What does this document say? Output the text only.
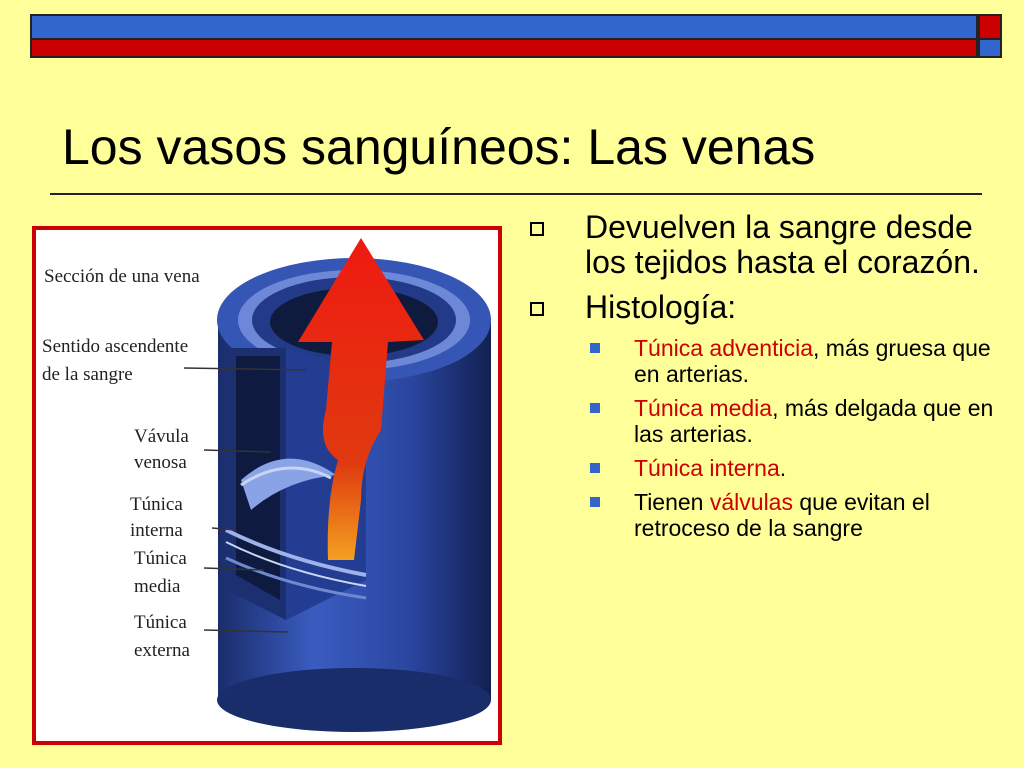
Los vasos sanguíneos: Las venas
Sección de una vena
Sentido ascendente
de la sangre
Vávula
venosa
Túnica
interna
Túnica
media
Túnica
externa
Devuelven la sangre desde los tejidos hasta el corazón.
Histología:
Túnica adventicia, más gruesa que en arterias.
Túnica media, más delgada que en las arterias.
Túnica interna.
Tienen válvulas que evitan el retroceso de la sangre
